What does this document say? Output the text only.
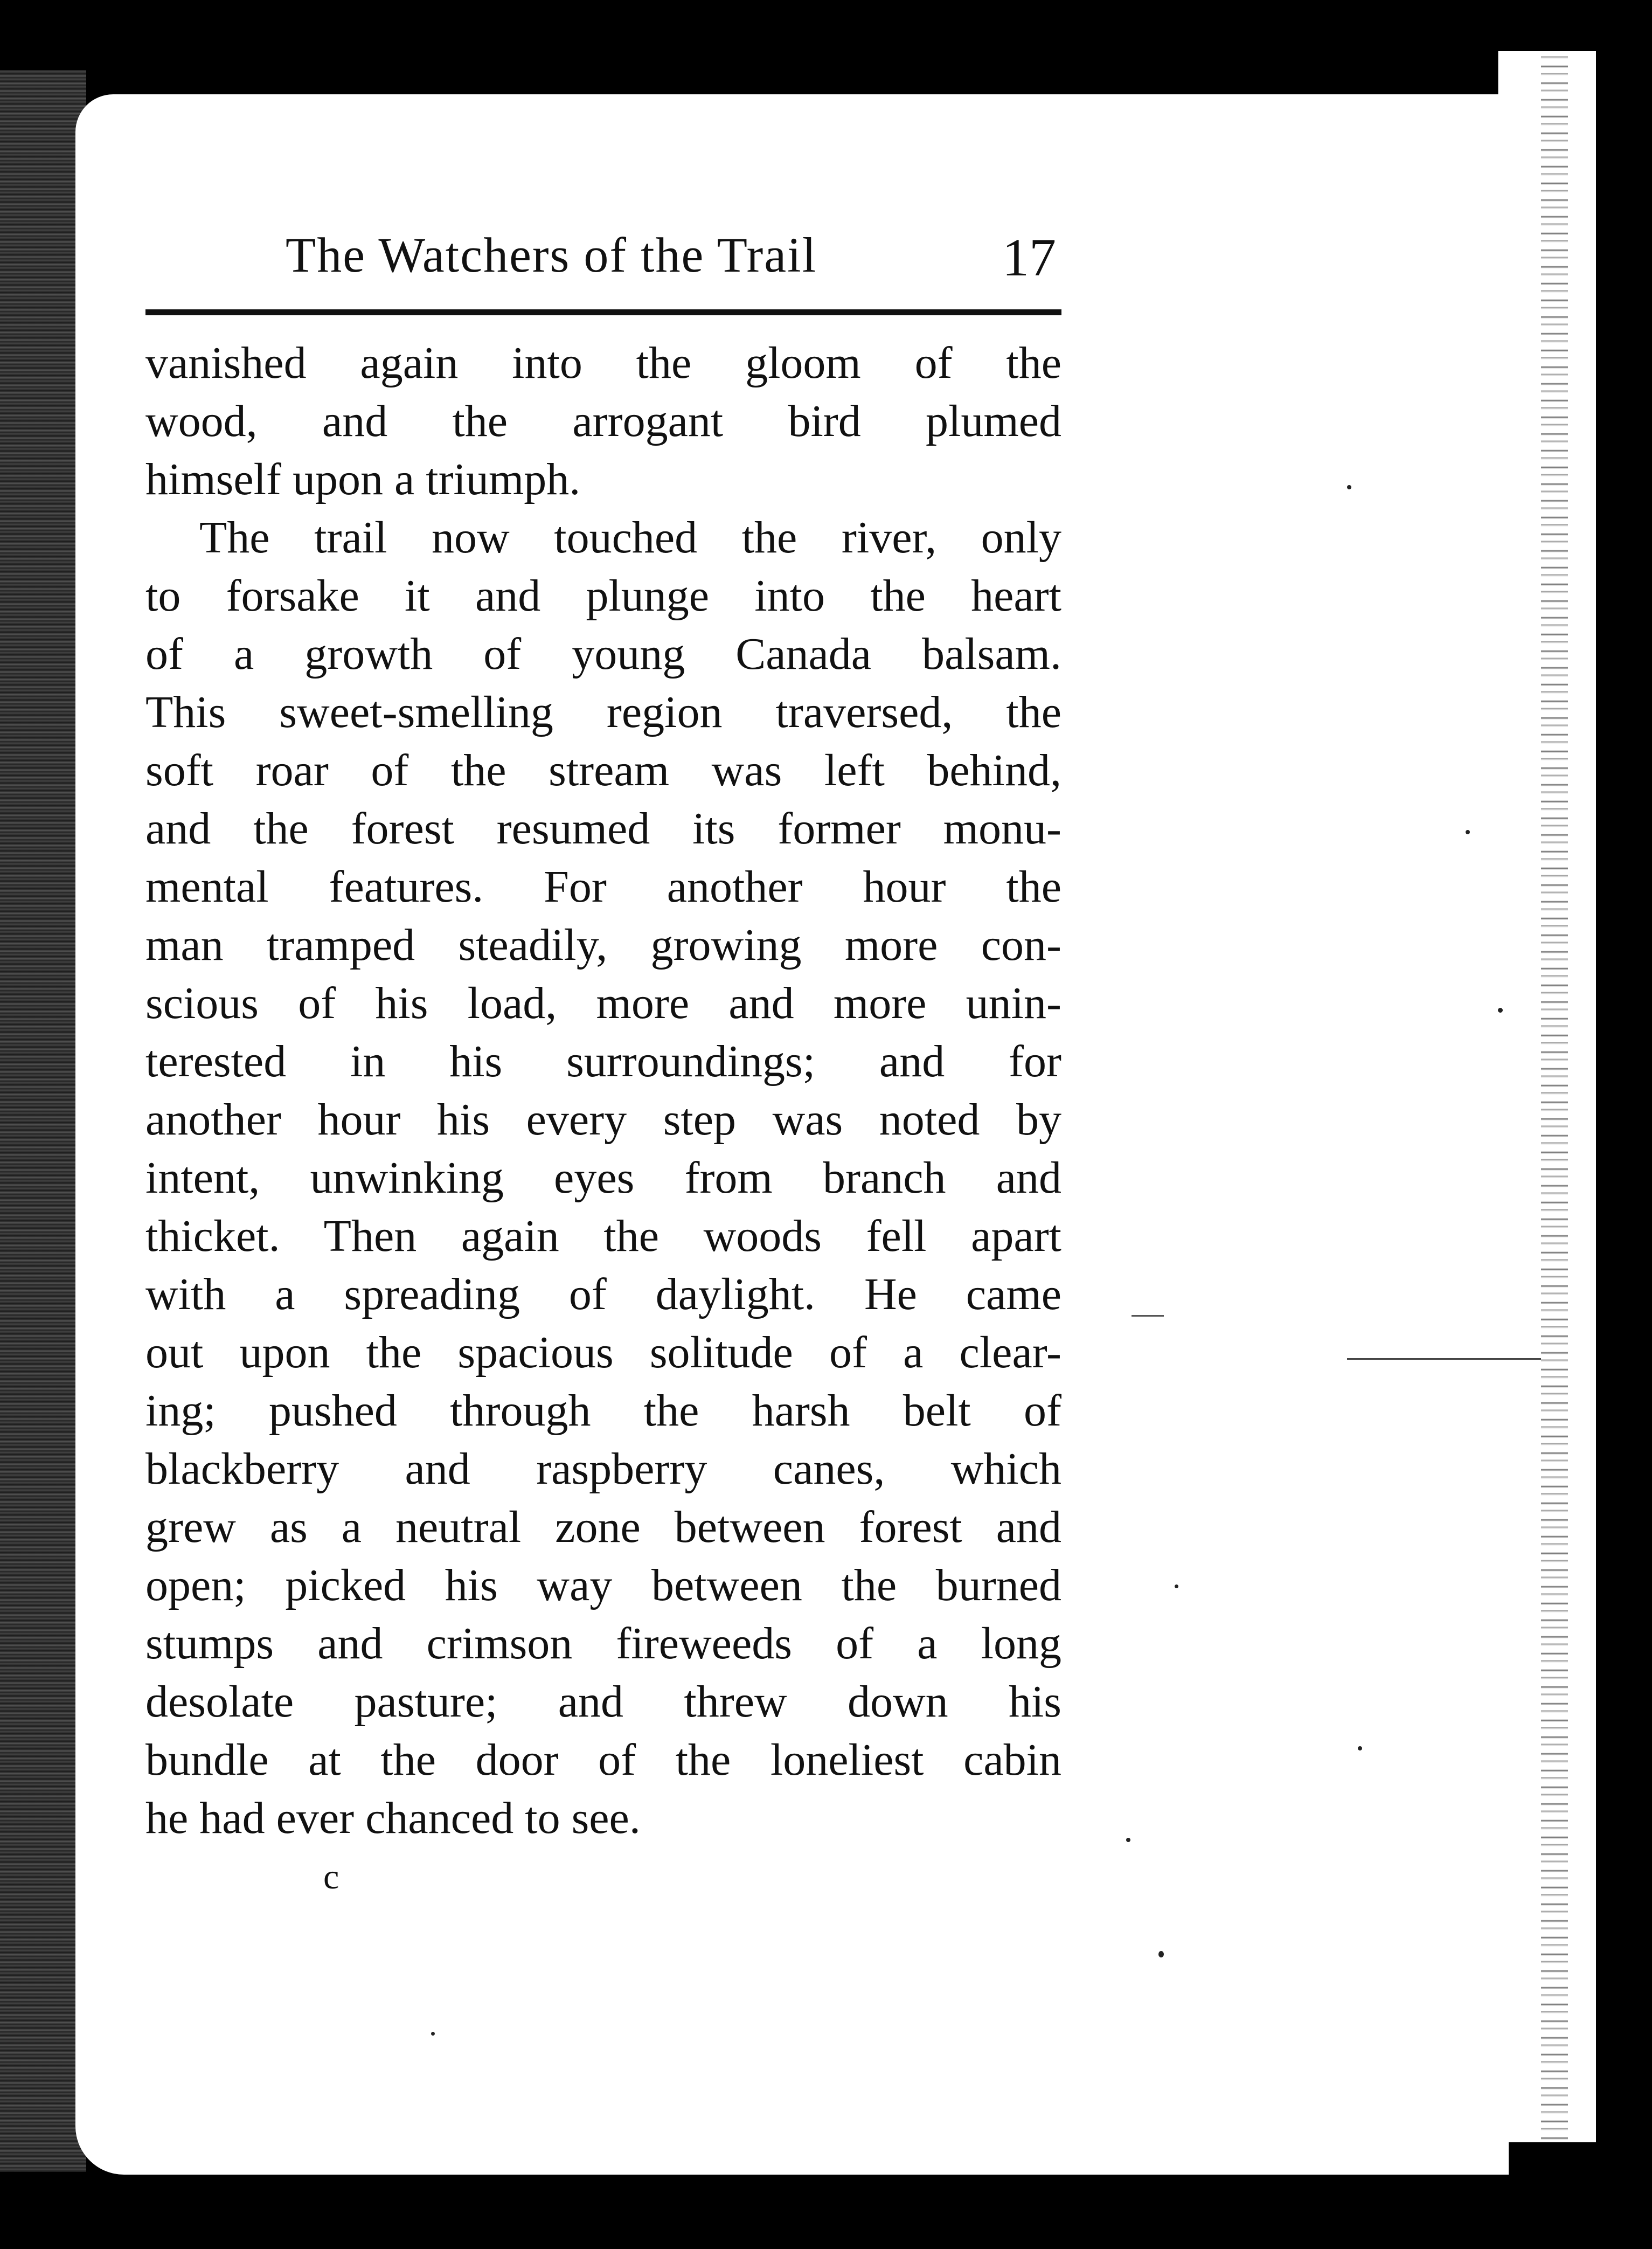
The Watchers of the Trail	17
vanished again into the gloom of the
wood, and the arrogant bird plumed
himself upon a triumph.
The trail now touched the river, only
to forsake it and plunge into the heart
of a growth of young Canada balsam.
This sweet-smelling region traversed, the
soft roar of the stream was left behind,
and the forest resumed its former monu-
mental features. For another hour the
man tramped steadily, growing more con-
scious of his load, more and more unin-
terested in his surroundings; and for
another hour his every step was noted by
intent, unwinking eyes from branch and
thicket. Then again the woods fell apart
with a spreading of daylight. He came
out upon the spacious solitude of a clear-
ing; pushed through the harsh belt of
blackberry and raspberry canes, which
grew as a neutral zone between forest and
open; picked his way between the burned
stumps and crimson fireweeds of a long
desolate pasture; and threw down his
bundle at the door of the loneliest cabin
he had ever chanced to see.
c
